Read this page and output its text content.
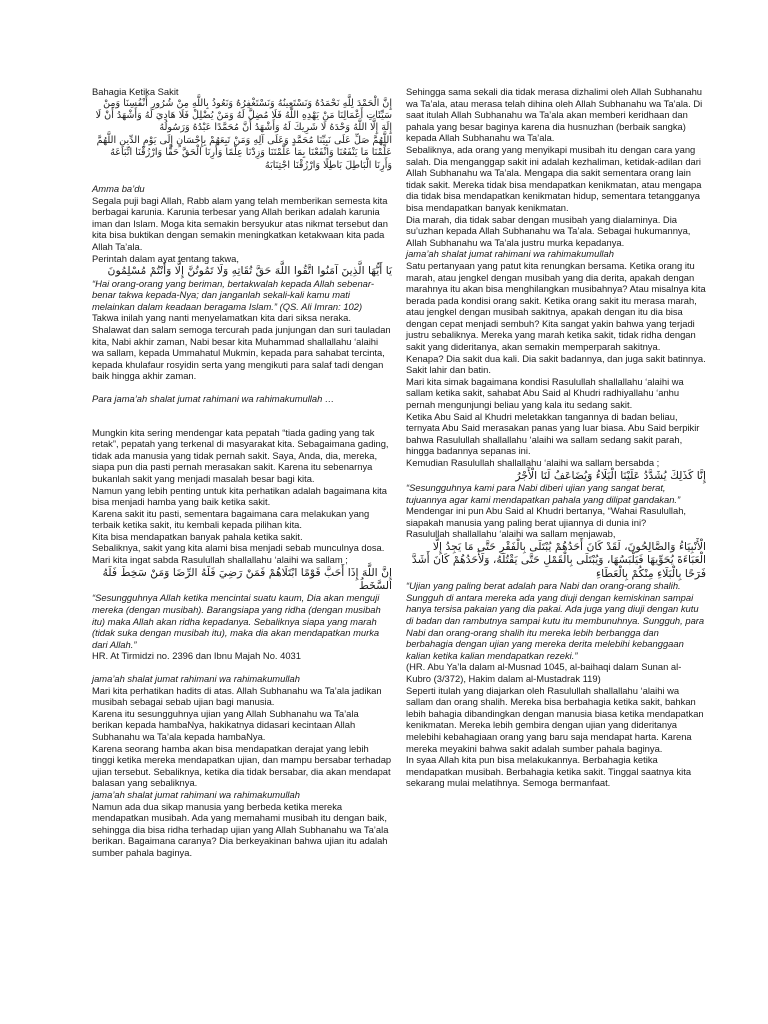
Bahagia Ketika Sakit

إِنَّ الْحَمْدَ لِلَّهِ نَحْمَدُهُ وَنَسْتَعِينُهُ وَنَسْتَغْفِرُهُ وَنَعُوذُ بِاللَّهِ مِنْ شُرُورِ أَنْفُسِنَا وَمِنْ سَيِّئَاتِ أَعْمَالِنَا مَنْ يَهْدِهِ اللَّهُ فَلَا مُضِلَّ لَهُ وَمَنْ يُضْلِلْ فَلَا هَادِيَ لَهُ وَأَشْهَدُ أَنْ لَا إِلَهَ إِلَّا اللَّهُ وَحْدَهُ لَا شَرِيكَ لَهُ وَأَشْهَدُ أَنَّ مُحَمَّدًا عَبْدُهُ وَرَسُولُهُ

اللَّهُمَّ صَلِّ عَلَى نَبِيِّنَا مُحَمَّدٍ وَعَلَى آلِهِ وَمَنْ تَبِعَهُمْ بِإِحْسَانٍ إِلَى يَوْمِ الدِّينِ اللَّهُمَّ عَلِّمْنَا مَا يَنْفَعُنَا وَانْفَعْنَا بِمَا عَلَّمْتَنَا وَزِدْنَا عِلْمًا وَأَرِنَا الْحَقَّ حَقًّا وَارْزُقْنَا اتِّبَاعَهُ وَأَرِنَا الْبَاطِلَ بَاطِلًا وَارْزُقْنَا اجْتِنَابَهُ

Amma ba’du

Segala puji bagi Allah, Rabb alam yang telah memberikan semesta kita berbagai karunia. Karunia terbesar yang Allah berikan adalah karunia iman dan Islam. Moga kita semakin bersyukur atas nikmat tersebut dan kita bisa buktikan dengan semakin meningkatkan ketakwaan kita pada Allah Ta’ala.

Perintah dalam ayat tentang takwa,

يَا أَيُّهَا الَّذِينَ آمَنُوا اتَّقُوا اللَّهَ حَقَّ تُقَاتِهِ وَلَا تَمُوتُنَّ إِلَّا وَأَنْتُمْ مُسْلِمُونَ

“Hai orang-orang yang beriman, bertakwalah kepada Allah sebenar-benar takwa kepada-Nya; dan janganlah sekali-kali kamu mati melainkan dalam keadaan beragama Islam.” (QS. Ali Imran: 102)

Takwa inilah yang nanti menyelamatkan kita dari siksa neraka.

Shalawat dan salam semoga tercurah pada junjungan dan suri tauladan kita, Nabi akhir zaman, Nabi besar kita Muhammad shallallahu ‘alaihi wa sallam, kepada Ummahatul Mukmin, kepada para sahabat tercinta, kepada khulafaur rosyidin serta yang mengikuti para salaf tadi dengan baik hingga akhir zaman.

Para jama’ah shalat jumat rahimani wa rahimakumullah …

Mungkin kita sering mendengar kata pepatah “tiada gading yang tak retak”, pepatah yang terkenal di masyarakat kita. Sebagaimana gading, tidak ada manusia yang tidak pernah sakit. Saya, Anda, dia, mereka, siapa pun dia pasti pernah merasakan sakit. Karena itu sebenarnya bukanlah sakit yang menjadi masalah besar bagi kita.

Namun yang lebih penting untuk kita perhatikan adalah bagaimana kita bisa menjadi hamba yang baik ketika sakit.

Karena sakit itu pasti, sementara bagaimana cara melakukan yang terbaik ketika sakit, itu kembali kepada pilihan kita.

Kita bisa mendapatkan banyak pahala ketika sakit.

Sebaliknya, sakit yang kita alami bisa menjadi sebab munculnya dosa.

Mari kita ingat sabda Rasulullah shallallahu ‘alaihi wa sallam ;

إِنَّ اللَّهَ إِذَا أَحَبَّ قَوْمًا ابْتَلَاهُمْ فَمَنْ رَضِيَ فَلَهُ الرِّضَا وَمَنْ سَخِطَ فَلَهُ السَّخَطُ

“Sesungguhnya Allah ketika mencintai suatu kaum, Dia akan menguji mereka (dengan musibah). Barangsiapa yang ridha (dengan musibah itu) maka Allah akan ridha kepadanya. Sebaliknya siapa yang marah (tidak suka dengan musibah itu), maka dia akan mendapatkan murka dari Allah.”

HR. At Tirmidzi no. 2396 dan Ibnu Majah No. 4031

jama’ah shalat jumat rahimani wa rahimakumullah

Mari kita perhatikan hadits di atas. Allah Subhanahu wa Ta’ala jadikan musibah sebagai sebab ujian bagi manusia.

Karena itu sesungguhnya ujian yang Allah Subhanahu wa Ta’ala berikan kepada hambaNya, hakikatnya didasari kecintaan Allah Subhanahu wa Ta’ala kepada hambaNya.

Karena seorang hamba akan bisa mendapatkan derajat yang lebih tinggi ketika mereka mendapatkan ujian, dan mampu bersabar terhadap ujian tersebut. Sebaliknya, ketika dia tidak bersabar, dia akan mendapat balasan yang sebaliknya.

jama’ah shalat jumat rahimani wa rahimakumullah

Namun ada dua sikap manusia yang berbeda ketika mereka mendapatkan musibah. Ada yang memahami musibah itu dengan baik, sehingga dia bisa ridha terhadap ujian yang Allah Subhanahu wa Ta’ala berikan. Bagaimana caranya? Dia berkeyakinan bahwa ujian itu adalah sumber pahala baginya.

Sehingga sama sekali dia tidak merasa dizhalimi oleh Allah Subhanahu wa Ta’ala, atau merasa telah dihina oleh Allah Subhanahu wa Ta’ala. Di saat itulah Allah Subhanahu wa Ta’ala akan memberi keridhaan dan pahala yang besar baginya karena dia husnuzhan (berbaik sangka) kepada Allah Subhanahu wa Ta’ala.

Sebaliknya, ada orang yang menyikapi musibah itu dengan cara yang salah. Dia menganggap sakit ini adalah kezhaliman, ketidak-adilan dari Allah Subhanahu wa Ta’ala. Mengapa dia sakit sementara orang lain tidak sakit. Mereka tidak bisa mendapatkan kenikmatan, atau mengapa dia tidak bisa mendapatkan kenikmatan hidup, sementara tetangganya bisa mendapatkan banyak kenikmatan.

Dia marah, dia tidak sabar dengan musibah yang dialaminya. Dia su’uzhan kepada Allah Subhanahu wa Ta’ala. Sebagai hukumannya, Allah Subhanahu wa Ta’ala justru murka kepadanya.

jama’ah shalat jumat rahimani wa rahimakumullah

Satu pertanyaan yang patut kita renungkan bersama. Ketika orang itu marah, atau jengkel dengan musibah yang dia derita, apakah dengan marahnya itu akan bisa menghilangkan musibahnya? Atau misalnya kita berada pada kondisi orang sakit. Ketika orang sakit itu merasa marah, atau jengkel dengan musibah sakitnya, apakah dengan itu dia bisa dengan cepat menjadi sembuh? Kita sangat yakin bahwa yang terjadi justru sebaliknya. Mereka yang marah ketika sakit, tidak ridha dengan sakit yang dideritanya, akan semakin memperparah sakitnya.

Kenapa? Dia sakit dua kali. Dia sakit badannya, dan juga sakit batinnya. Sakit lahir dan batin.

Mari kita simak bagaimana kondisi Rasulullah shallallahu ‘alaihi wa sallam ketika sakit, sahabat Abu Said al Khudri radhiyallahu ‘anhu pernah mengunjungi beliau yang kala itu sedang sakit.

Ketika Abu Said al Khudri meletakkan tangannya di badan beliau, ternyata Abu Said merasakan panas yang luar biasa. Abu Said berpikir bahwa Rasulullah shallallahu ‘alaihi wa sallam sedang sakit parah, hingga badannya sepanas ini.

Kemudian Rasulullah shallallahu ‘alaihi wa sallam bersabda ;

إِنَّا كَذَلِكَ يُشَدَّدُ عَلَيْنَا الْبَلَاءُ وَيُضَاعَفُ لَنَا الْأَجْرُ

“Sesungguhnya kami para Nabi diberi ujian yang sangat berat, tujuannya agar kami mendapatkan pahala yang dilipat gandakan.”

Mendengar ini pun Abu Said al Khudri bertanya, “Wahai Rasulullah, siapakah manusia yang paling berat ujiannya di dunia ini?

Rasulullah shallallahu ‘alaihi wa sallam menjawab,

الْأَنْبِيَاءُ وَالصَّالِحُونَ، لَقَدْ كَانَ أَحَدُهُمْ يُبْتَلَى بِالْفَقْرِ حَتَّى مَا يَجِدُ إِلَّا الْعَبَاءَةَ يُحَوِّيهَا فَيَلْبَسُهَا، وَيُبْتَلَى بِالْقَمْلِ حَتَّى يَقْتُلَهُ، وَلَأَحَدُهُمْ كَانَ أَشَدَّ فَرَحًا بِالْبَلَاءِ مِنْكُمْ بِالْعَطَاءِ

“Ujian yang paling berat adalah para Nabi dan orang-orang shalih. Sungguh di antara mereka ada yang diuji dengan kemiskinan sampai hanya tersisa pakaian yang dia pakai. Ada juga yang diuji dengan kutu di badan dan rambutnya sampai kutu itu membunuhnya. Sungguh, para Nabi dan orang-orang shalih itu mereka lebih berbangga dan berbahagia dengan ujian yang mereka derita melebihi kebanggaan kalian ketika kalian mendapatkan rezeki.”

(HR. Abu Ya’la dalam al-Musnad 1045, al-baihaqi dalam Sunan al-Kubro (3/372), Hakim dalam al-Mustadrak 119)

Seperti itulah yang diajarkan oleh Rasulullah shallallahu ‘alaihi wa sallam dan orang shalih. Mereka bisa berbahagia ketika sakit, bahkan lebih bahagia dibandingkan dengan manusia biasa ketika mendapatkan kenikmatan. Mereka lebih gembira dengan ujian yang dideritanya melebihi kebahagiaan orang yang baru saja mendapat harta. Karena mereka meyakini bahwa sakit adalah sumber pahala baginya.

In syaa Allah kita pun bisa melakukannya. Berbahagia ketika mendapatkan musibah. Berbahagia ketika sakit. Tinggal saatnya kita sekarang mulai melatihnya. Semoga bermanfaat.
